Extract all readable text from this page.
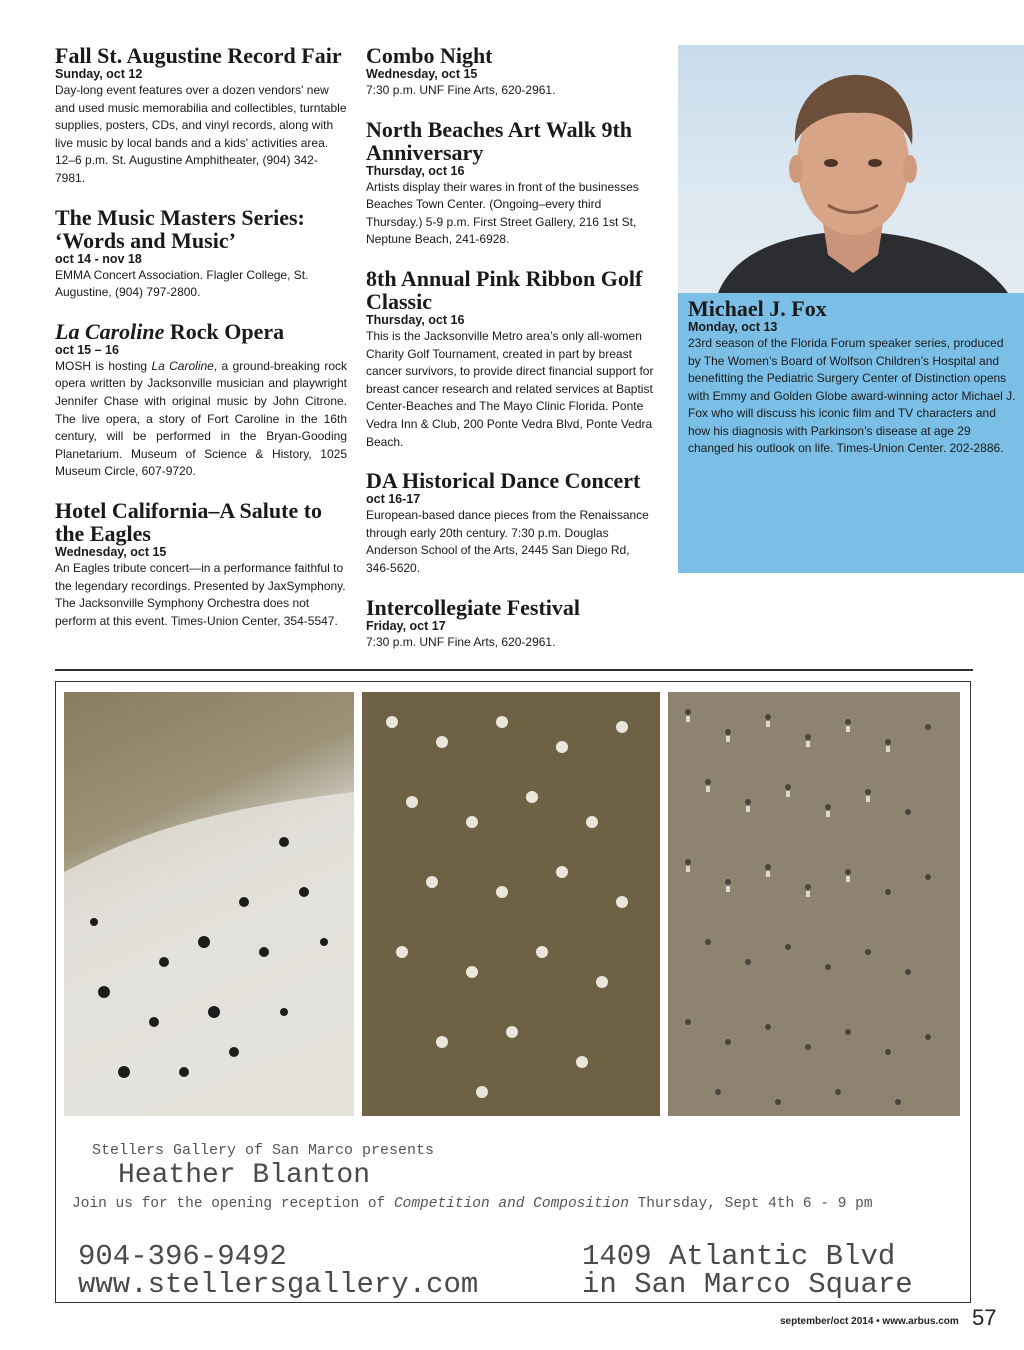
Fall St. Augustine Record Fair

Sunday, oct 12

Day-long event features over a dozen vendors' new and used music memorabilia and collectibles, turntable supplies, posters, CDs, and vinyl records, along with live music by local bands and a kids' activities area. 12–6 p.m. St. Augustine Amphitheater, (904) 342-7981.

The Music Masters Series: ‘Words and Music’

oct 14 - nov 18

EMMA Concert Association. Flagler College, St. Augustine, (904) 797-2800.

La Caroline Rock Opera

oct 15 – 16

MOSH is hosting La Caroline, a ground-breaking rock opera written by Jacksonville musician and playwright Jennifer Chase with original music by John Citrone. The live opera, a story of Fort Caroline in the 16th century, will be performed in the Bryan-Gooding Planetarium. Museum of Science & History, 1025 Museum Circle, 607-9720.

Hotel California–A Salute to the Eagles

Wednesday, oct 15

An Eagles tribute concert—in a performance faithful to the legendary recordings. Presented by JaxSymphony. The Jacksonville Symphony Orchestra does not perform at this event. Times-Union Center, 354-5547.

Combo Night

Wednesday, oct 15

7:30 p.m. UNF Fine Arts, 620-2961.

North Beaches Art Walk 9th Anniversary

Thursday, oct 16

Artists display their wares in front of the businesses Beaches Town Center. (Ongoing–every third Thursday.) 5-9 p.m. First Street Gallery, 216 1st St, Neptune Beach, 241-6928.

8th Annual Pink Ribbon Golf Classic

Thursday, oct 16

This is the Jacksonville Metro area’s only all-women Charity Golf Tournament, created in part by breast cancer survivors, to provide direct financial support for breast cancer research and related services at Baptist Center-Beaches and The Mayo Clinic Florida. Ponte Vedra Inn & Club, 200 Ponte Vedra Blvd, Ponte Vedra Beach.

DA Historical Dance Concert

oct 16-17

European-based dance pieces from the Renaissance through early 20th century. 7:30 p.m. Douglas Anderson School of the Arts, 2445 San Diego Rd, 346-5620.

Intercollegiate Festival

Friday, oct 17

7:30 p.m. UNF Fine Arts, 620-2961.

Michael J. Fox

Monday, oct 13

23rd season of the Florida Forum speaker series, produced by The Women’s Board of Wolfson Children’s Hospital and benefitting the Pediatric Surgery Center of Distinction opens with Emmy and Golden Globe award-winning actor Michael J. Fox who will discuss his iconic film and TV characters and how his diagnosis with Parkinson’s disease at age 29 changed his outlook on life. Times-Union Center. 202-2886.

Stellers Gallery of San Marco presents
Heather Blanton
Join us for the opening reception of Competition and Composition Thursday, Sept 4th 6 - 9 pm
904-396-9492
www.stellersgallery.com
1409 Atlantic Blvd
in San Marco Square
september/oct 2014 • www.arbus.com 57
